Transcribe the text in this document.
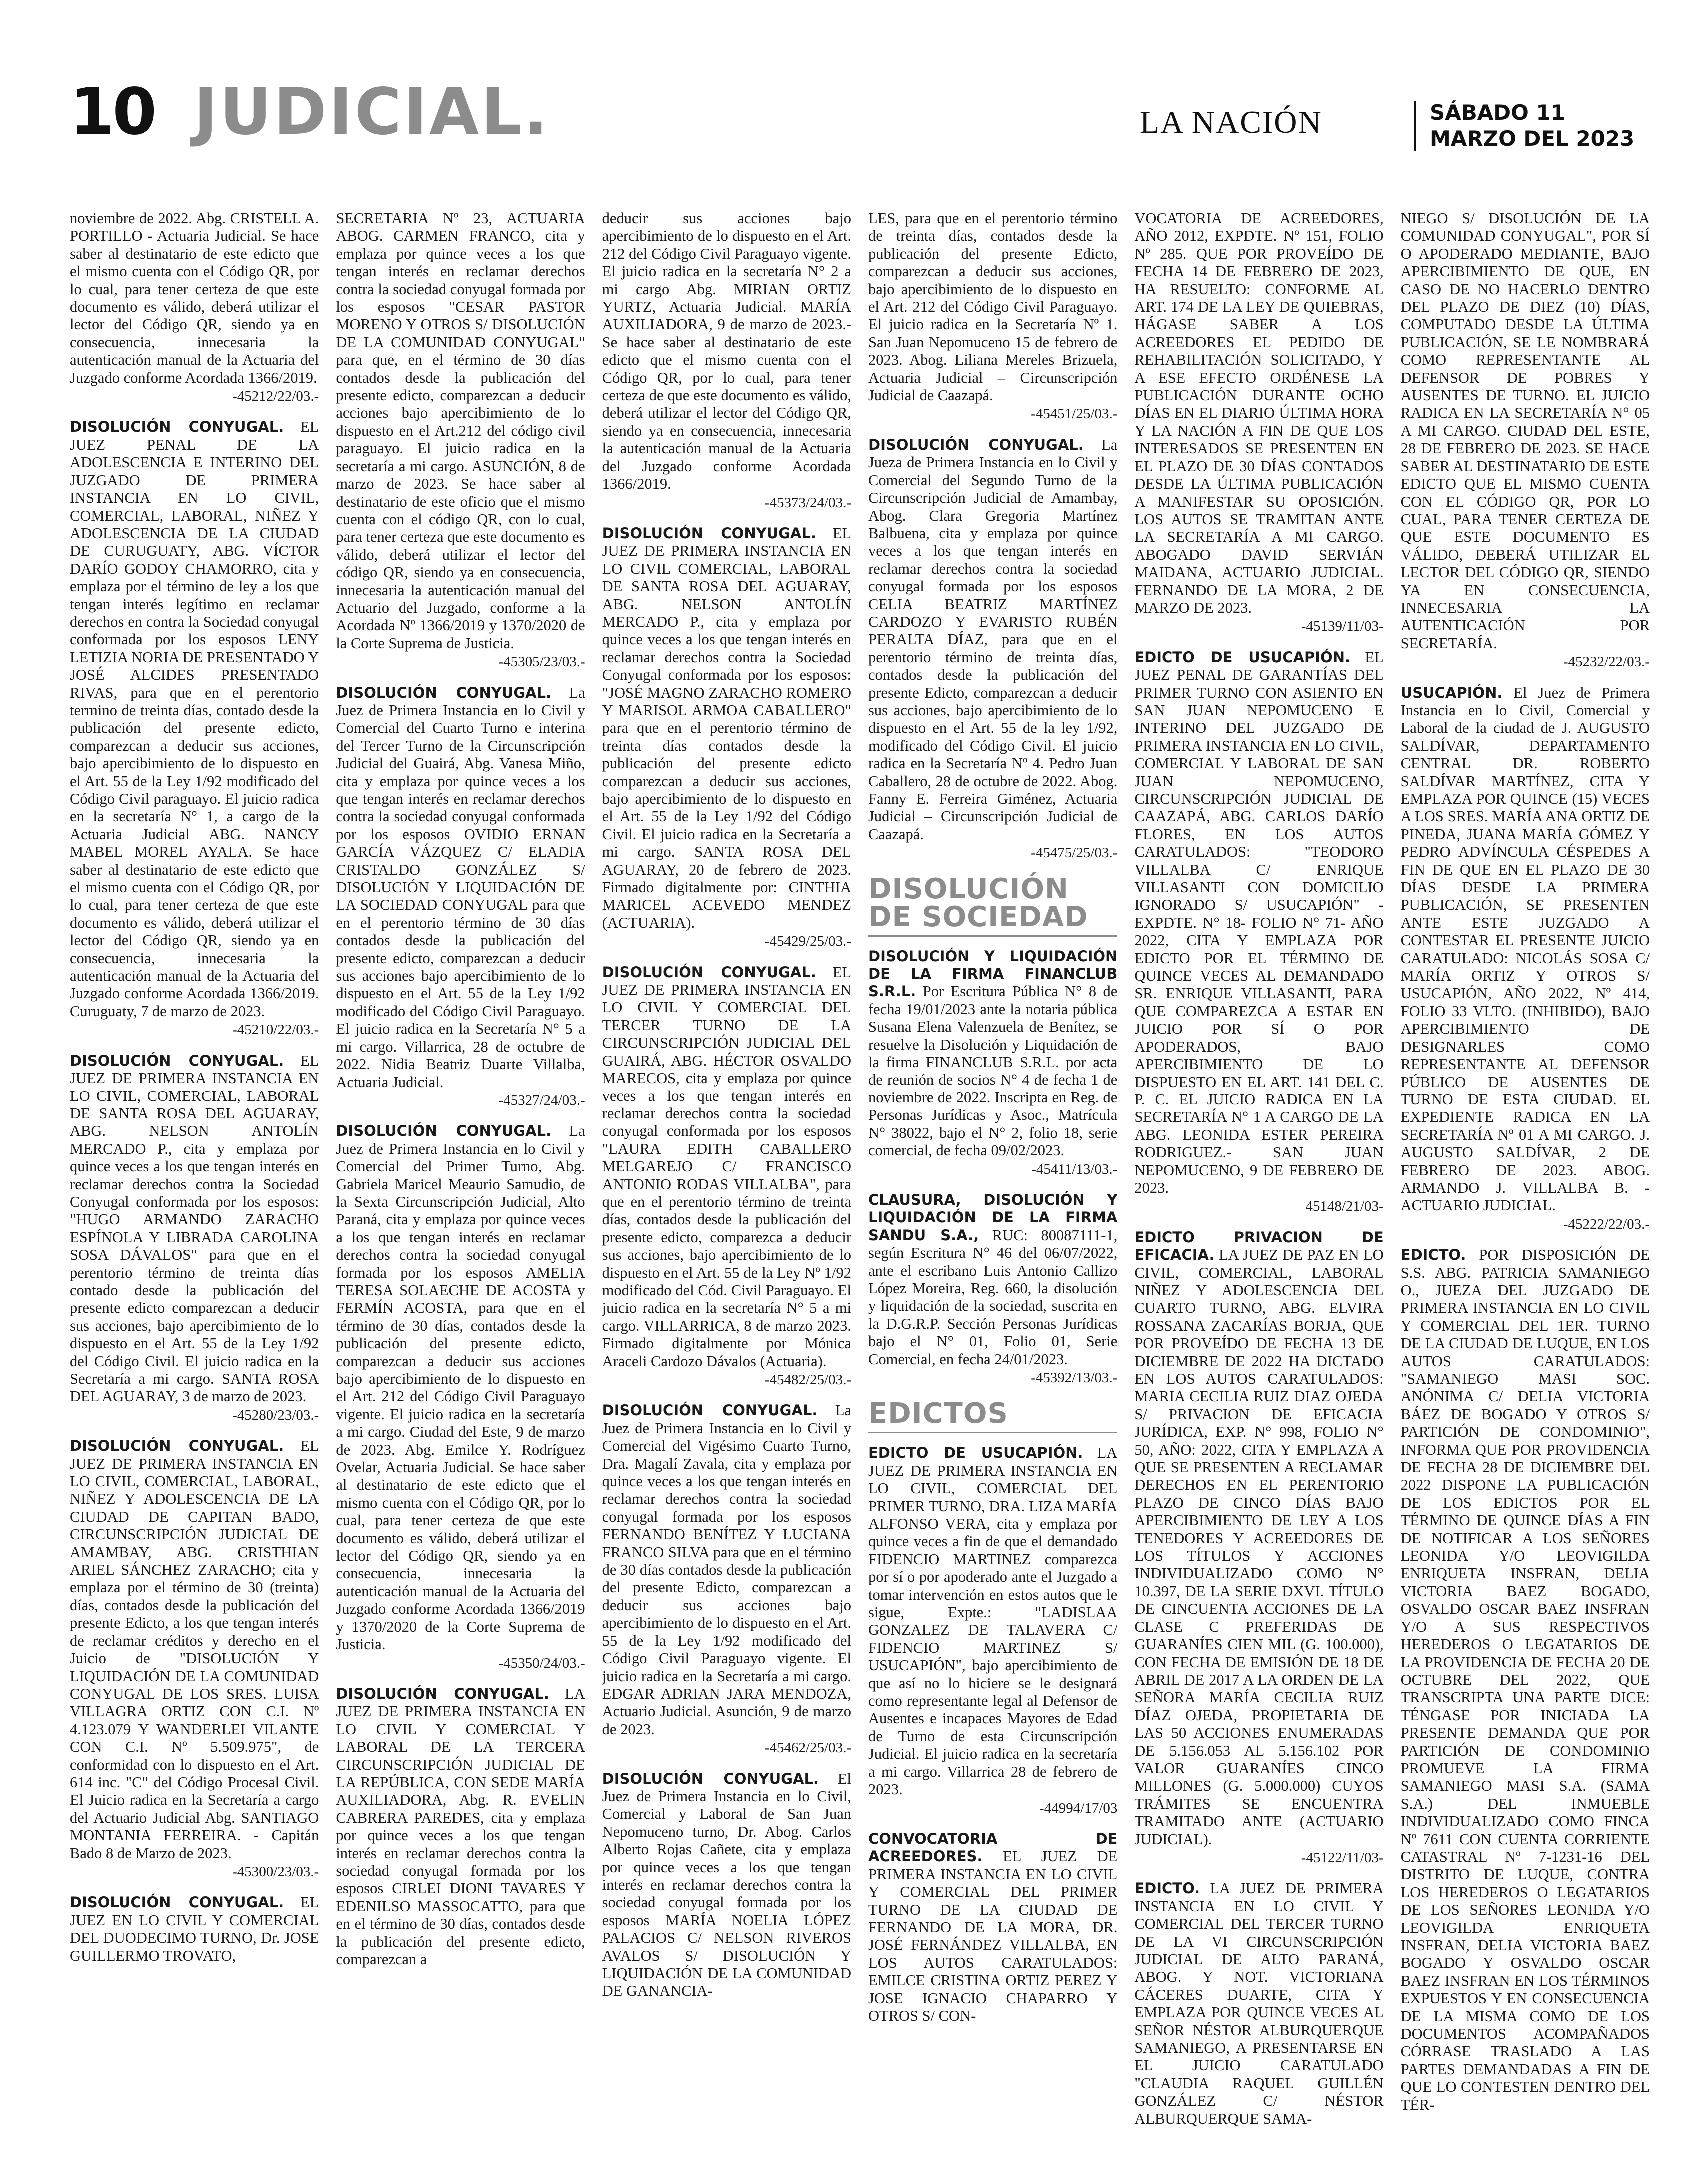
10 JUDICIAL.	LA NACIÓN	SÁBADO 11
MARZO DEL 2023
noviembre de 2022. Abg. CRISTELL A. PORTILLO - Actuaria Judicial. Se hace saber al destinatario de este edicto que el mismo cuenta con el Código QR, por lo cual, para tener certeza de que este documento es válido, deberá utilizar el lector del Código QR, siendo ya en consecuencia, innecesaria la autenticación manual de la Actuaria del Juzgado conforme Acordada 1366/2019.
-45212/22/03.-
DISOLUCIÓN CONYUGAL. EL JUEZ PENAL DE LA ADOLESCENCIA E INTERINO DEL JUZGADO DE PRIMERA INSTANCIA EN LO CIVIL, COMERCIAL, LABORAL, NIÑEZ Y ADOLESCENCIA DE LA CIUDAD DE CURUGUATY, ABG. VÍCTOR DARÍO GODOY CHAMORRO, cita y emplaza por el término de ley a los que tengan interés legítimo en reclamar derechos en contra la Sociedad conyugal conformada por los esposos LENY LETIZIA NORIA DE PRESENTADO Y JOSÉ ALCIDES PRESENTADO RIVAS, para que en el perentorio termino de treinta días, contado desde la publicación del presente edicto, comparezcan a deducir sus acciones, bajo apercibimiento de lo dispuesto en el Art. 55 de la Ley 1/92 modificado del Código Civil paraguayo. El juicio radica en la secretaría N° 1, a cargo de la Actuaria Judicial ABG. NANCY MABEL MOREL AYALA. Se hace saber al destinatario de este edicto que el mismo cuenta con el Código QR, por lo cual, para tener certeza de que este documento es válido, deberá utilizar el lector del Código QR, siendo ya en consecuencia, innecesaria la autenticación manual de la Actuaria del Juzgado conforme Acordada 1366/2019. Curuguaty, 7 de marzo de 2023.
-45210/22/03.-
DISOLUCIÓN CONYUGAL. EL JUEZ DE PRIMERA INSTANCIA EN LO CIVIL, COMERCIAL, LABORAL DE SANTA ROSA DEL AGUARAY, ABG. NELSON ANTOLÍN MERCADO P., cita y emplaza por quince veces a los que tengan interés en reclamar derechos contra la Sociedad Conyugal conformada por los esposos: "HUGO ARMANDO ZARACHO ESPÍNOLA Y LIBRADA CAROLINA SOSA DÁVALOS" para que en el perentorio término de treinta días contado desde la publicación del presente edicto comparezcan a deducir sus acciones, bajo apercibimiento de lo dispuesto en el Art. 55 de la Ley 1/92 del Código Civil. El juicio radica en la Secretaría a mi cargo. SANTA ROSA DEL AGUARAY, 3 de marzo de 2023.
-45280/23/03.-
DISOLUCIÓN CONYUGAL. EL JUEZ DE PRIMERA INSTANCIA EN LO CIVIL, COMERCIAL, LABORAL, NIÑEZ Y ADOLESCENCIA DE LA CIUDAD DE CAPITAN BADO, CIRCUNSCRIPCIÓN JUDICIAL DE AMAMBAY, ABG. CRISTHIAN ARIEL SÁNCHEZ ZARACHO; cita y emplaza por el término de 30 (treinta) días, contados desde la publicación del presente Edicto, a los que tengan interés de reclamar créditos y derecho en el Juicio de "DISOLUCIÓN Y LIQUIDACIÓN DE LA COMUNIDAD CONYUGAL DE LOS SRES. LUISA VILLAGRA ORTIZ CON C.I. Nº 4.123.079 Y WANDERLEI VILANTE CON C.I. Nº 5.509.975", de conformidad con lo dispuesto en el Art. 614 inc. "C" del Código Procesal Civil. El Juicio radica en la Secretaría a cargo del Actuario Judicial Abg. SANTIAGO MONTANIA FERREIRA. - Capitán Bado 8 de Marzo de 2023.
-45300/23/03.-
DISOLUCIÓN CONYUGAL. EL JUEZ EN LO CIVIL Y COMERCIAL DEL DUODECIMO TURNO, Dr. JOSE GUILLERMO TROVATO,
SECRETARIA Nº 23, ACTUARIA ABOG. CARMEN FRANCO, cita y emplaza por quince veces a los que tengan interés en reclamar derechos contra la sociedad conyugal formada por los esposos "CESAR PASTOR MORENO Y OTROS S/ DISOLUCIÓN DE LA COMUNIDAD CONYUGAL" para que, en el término de 30 días contados desde la publicación del presente edicto, comparezcan a deducir acciones bajo apercibimiento de lo dispuesto en el Art.212 del código civil paraguayo. El juicio radica en la secretaría a mi cargo. ASUNCIÓN, 8 de marzo de 2023. Se hace saber al destinatario de este oficio que el mismo cuenta con el código QR, con lo cual, para tener certeza que este documento es válido, deberá utilizar el lector del código QR, siendo ya en consecuencia, innecesaria la autenticación manual del Actuario del Juzgado, conforme a la Acordada Nº 1366/2019 y 1370/2020 de la Corte Suprema de Justicia.
-45305/23/03.-
DISOLUCIÓN CONYUGAL. La Juez de Primera Instancia en lo Civil y Comercial del Cuarto Turno e interina del Tercer Turno de la Circunscripción Judicial del Guairá, Abg. Vanesa Miño, cita y emplaza por quince veces a los que tengan interés en reclamar derechos contra la sociedad conyugal conformada por los esposos OVIDIO ERNAN GARCÍA VÁZQUEZ C/ ELADIA CRISTALDO GONZÁLEZ S/ DISOLUCIÓN Y LIQUIDACIÓN DE LA SOCIEDAD CONYUGAL para que en el perentorio término de 30 días contados desde la publicación del presente edicto, comparezcan a deducir sus acciones bajo apercibimiento de lo dispuesto en el Art. 55 de la Ley 1/92 modificado del Código Civil Paraguayo. El juicio radica en la Secretaría N° 5 a mi cargo. Villarrica, 28 de octubre de 2022. Nidia Beatriz Duarte Villalba, Actuaria Judicial.
-45327/24/03.-
DISOLUCIÓN CONYUGAL. La Juez de Primera Instancia en lo Civil y Comercial del Primer Turno, Abg. Gabriela Maricel Meaurio Samudio, de la Sexta Circunscripción Judicial, Alto Paraná, cita y emplaza por quince veces a los que tengan interés en reclamar derechos contra la sociedad conyugal formada por los esposos AMELIA TERESA SOLAECHE DE ACOSTA y FERMÍN ACOSTA, para que en el término de 30 días, contados desde la publicación del presente edicto, comparezcan a deducir sus acciones bajo apercibimiento de lo dispuesto en el Art. 212 del Código Civil Paraguayo vigente. El juicio radica en la secretaría a mi cargo. Ciudad del Este, 9 de marzo de 2023. Abg. Emilce Y. Rodríguez Ovelar, Actuaria Judicial. Se hace saber al destinatario de este edicto que el mismo cuenta con el Código QR, por lo cual, para tener certeza de que este documento es válido, deberá utilizar el lector del Código QR, siendo ya en consecuencia, innecesaria la autenticación manual de la Actuaria del Juzgado conforme Acordada 1366/2019 y 1370/2020 de la Corte Suprema de Justicia.
-45350/24/03.-
DISOLUCIÓN CONYUGAL. LA JUEZ DE PRIMERA INSTANCIA EN LO CIVIL Y COMERCIAL Y LABORAL DE LA TERCERA CIRCUNSCRIPCIÓN JUDICIAL DE LA REPÚBLICA, CON SEDE MARÍA AUXILIADORA, Abg. R. EVELIN CABRERA PAREDES, cita y emplaza por quince veces a los que tengan interés en reclamar derechos contra la sociedad conyugal formada por los esposos CIRLEI DIONI TAVARES Y EDENILSO MASSOCATTO, para que en el término de 30 días, contados desde la publicación del presente edicto, comparezcan a
deducir sus acciones bajo apercibimiento de lo dispuesto en el Art. 212 del Código Civil Paraguayo vigente. El juicio radica en la secretaría N° 2 a mi cargo Abg. MIRIAN ORTIZ YURTZ, Actuaria Judicial. MARÍA AUXILIADORA, 9 de marzo de 2023.- Se hace saber al destinatario de este edicto que el mismo cuenta con el Código QR, por lo cual, para tener certeza de que este documento es válido, deberá utilizar el lector del Código QR, siendo ya en consecuencia, innecesaria la autenticación manual de la Actuaria del Juzgado conforme Acordada 1366/2019.
-45373/24/03.-
DISOLUCIÓN CONYUGAL. EL JUEZ DE PRIMERA INSTANCIA EN LO CIVIL COMERCIAL, LABORAL DE SANTA ROSA DEL AGUARAY, ABG. NELSON ANTOLÍN MERCADO P., cita y emplaza por quince veces a los que tengan interés en reclamar derechos contra la Sociedad Conyugal conformada por los esposos: "JOSÉ MAGNO ZARACHO ROMERO Y MARISOL ARMOA CABALLERO" para que en el perentorio término de treinta días contados desde la publicación del presente edicto comparezcan a deducir sus acciones, bajo apercibimiento de lo dispuesto en el Art. 55 de la Ley 1/92 del Código Civil. El juicio radica en la Secretaría a mi cargo. SANTA ROSA DEL AGUARAY, 20 de febrero de 2023. Firmado digitalmente por: CINTHIA MARICEL ACEVEDO MENDEZ (ACTUARIA).
-45429/25/03.-
DISOLUCIÓN CONYUGAL. EL JUEZ DE PRIMERA INSTANCIA EN LO CIVIL Y COMERCIAL DEL TERCER TURNO DE LA CIRCUNSCRIPCIÓN JUDICIAL DEL GUAIRÁ, ABG. HÉCTOR OSVALDO MARECOS, cita y emplaza por quince veces a los que tengan interés en reclamar derechos contra la sociedad conyugal conformada por los esposos "LAURA EDITH CABALLERO MELGAREJO C/ FRANCISCO ANTONIO RODAS VILLALBA", para que en el perentorio término de treinta días, contados desde la publicación del presente edicto, comparezca a deducir sus acciones, bajo apercibimiento de lo dispuesto en el Art. 55 de la Ley Nº 1/92 modificado del Cód. Civil Paraguayo. El juicio radica en la secretaría N° 5 a mi cargo. VILLARRICA, 8 de marzo 2023. Firmado digitalmente por Mónica Araceli Cardozo Dávalos (Actuaria).
-45482/25/03.-
DISOLUCIÓN CONYUGAL. La Juez de Primera Instancia en lo Civil y Comercial del Vigésimo Cuarto Turno, Dra. Magalí Zavala, cita y emplaza por quince veces a los que tengan interés en reclamar derechos contra la sociedad conyugal formada por los esposos FERNANDO BENÍTEZ Y LUCIANA FRANCO SILVA para que en el término de 30 días contados desde la publicación del presente Edicto, comparezcan a deducir sus acciones bajo apercibimiento de lo dispuesto en el Art. 55 de la Ley 1/92 modificado del Código Civil Paraguayo vigente. El juicio radica en la Secretaría a mi cargo. EDGAR ADRIAN JARA MENDOZA, Actuario Judicial. Asunción, 9 de marzo de 2023.
-45462/25/03.-
DISOLUCIÓN CONYUGAL. El Juez de Primera Instancia en lo Civil, Comercial y Laboral de San Juan Nepomuceno turno, Dr. Abog. Carlos Alberto Rojas Cañete, cita y emplaza por quince veces a los que tengan interés en reclamar derechos contra la sociedad conyugal formada por los esposos MARÍA NOELIA LÓPEZ PALACIOS C/ NELSON RIVEROS AVALOS S/ DISOLUCIÓN Y LIQUIDACIÓN DE LA COMUNIDAD DE GANANCIA-
LES, para que en el perentorio término de treinta días, contados desde la publicación del presente Edicto, comparezcan a deducir sus acciones, bajo apercibimiento de lo dispuesto en el Art. 212 del Código Civil Paraguayo. El juicio radica en la Secretaría Nº 1. San Juan Nepomuceno 15 de febrero de 2023. Abog. Liliana Mereles Brizuela, Actuaria Judicial – Circunscripción Judicial de Caazapá.
-45451/25/03.-
DISOLUCIÓN CONYUGAL. La Jueza de Primera Instancia en lo Civil y Comercial del Segundo Turno de la Circunscripción Judicial de Amambay, Abog. Clara Gregoria Martínez Balbuena, cita y emplaza por quince veces a los que tengan interés en reclamar derechos contra la sociedad conyugal formada por los esposos CELIA BEATRIZ MARTÍNEZ CARDOZO Y EVARISTO RUBÉN PERALTA DÍAZ, para que en el perentorio término de treinta días, contados desde la publicación del presente Edicto, comparezcan a deducir sus acciones, bajo apercibimiento de lo dispuesto en el Art. 55 de la ley 1/92, modificado del Código Civil. El juicio radica en la Secretaría Nº 4. Pedro Juan Caballero, 28 de octubre de 2022. Abog. Fanny E. Ferreira Giménez, Actuaria Judicial – Circunscripción Judicial de Caazapá.
-45475/25/03.-
DISOLUCIÓN DE SOCIEDAD
DISOLUCIÓN Y LIQUIDACIÓN DE LA FIRMA FINANCLUB S.R.L. Por Escritura Pública N° 8 de fecha 19/01/2023 ante la notaria pública Susana Elena Valenzuela de Benítez, se resuelve la Disolución y Liquidación de la firma FINANCLUB S.R.L. por acta de reunión de socios N° 4 de fecha 1 de noviembre de 2022. Inscripta en Reg. de Personas Jurídicas y Asoc., Matrícula N° 38022, bajo el N° 2, folio 18, serie comercial, de fecha 09/02/2023.
-45411/13/03.-
CLAUSURA, DISOLUCIÓN Y LIQUIDACIÓN DE LA FIRMA SANDU S.A., RUC: 80087111-1, según Escritura N° 46 del 06/07/2022, ante el escribano Luis Antonio Callizo López Moreira, Reg. 660, la disolución y liquidación de la sociedad, suscrita en la D.G.R.P. Sección Personas Jurídicas bajo el N° 01, Folio 01, Serie Comercial, en fecha 24/01/2023.
-45392/13/03.-
EDICTOS
EDICTO DE USUCAPIÓN. LA JUEZ DE PRIMERA INSTANCIA EN LO CIVIL, COMERCIAL DEL PRIMER TURNO, DRA. LIZA MARÍA ALFONSO VERA, cita y emplaza por quince veces a fin de que el demandado FIDENCIO MARTINEZ comparezca por sí o por apoderado ante el Juzgado a tomar intervención en estos autos que le sigue, Expte.: "LADISLAA GONZALEZ DE TALAVERA C/ FIDENCIO MARTINEZ S/ USUCAPIÓN", bajo apercibimiento de que así no lo hiciere se le designará como representante legal al Defensor de Ausentes e incapaces Mayores de Edad de Turno de esta Circunscripción Judicial. El juicio radica en la secretaría a mi cargo. Villarrica 28 de febrero de 2023.
-44994/17/03
CONVOCATORIA DE ACREEDORES. EL JUEZ DE PRIMERA INSTANCIA EN LO CIVIL Y COMERCIAL DEL PRIMER TURNO DE LA CIUDAD DE FERNANDO DE LA MORA, DR. JOSÉ FERNÁNDEZ VILLALBA, EN LOS AUTOS CARATULADOS: EMILCE CRISTINA ORTIZ PEREZ Y JOSE IGNACIO CHAPARRO Y OTROS S/ CON-
VOCATORIA DE ACREEDORES, AÑO 2012, EXPDTE. Nº 151, FOLIO Nº 285. QUE POR PROVEÍDO DE FECHA 14 DE FEBRERO DE 2023, HA RESUELTO: CONFORME AL ART. 174 DE LA LEY DE QUIEBRAS, HÁGASE SABER A LOS ACREEDORES EL PEDIDO DE REHABILITACIÓN SOLICITADO, Y A ESE EFECTO ORDÉNESE LA PUBLICACIÓN DURANTE OCHO DÍAS EN EL DIARIO ÚLTIMA HORA Y LA NACIÓN A FIN DE QUE LOS INTERESADOS SE PRESENTEN EN EL PLAZO DE 30 DÍAS CONTADOS DESDE LA ÚLTIMA PUBLICACIÓN A MANIFESTAR SU OPOSICIÓN. LOS AUTOS SE TRAMITAN ANTE LA SECRETARÍA A MI CARGO. ABOGADO DAVID SERVIÁN MAIDANA, ACTUARIO JUDICIAL. FERNANDO DE LA MORA, 2 DE MARZO DE 2023.
-45139/11/03-
EDICTO DE USUCAPIÓN. EL JUEZ PENAL DE GARANTÍAS DEL PRIMER TURNO CON ASIENTO EN SAN JUAN NEPOMUCENO E INTERINO DEL JUZGADO DE PRIMERA INSTANCIA EN LO CIVIL, COMERCIAL Y LABORAL DE SAN JUAN NEPOMUCENO, CIRCUNSCRIPCIÓN JUDICIAL DE CAAZAPÁ, ABG. CARLOS DARÍO FLORES, EN LOS AUTOS CARATULADOS: "TEODORO VILLALBA C/ ENRIQUE VILLASANTI CON DOMICILIO IGNORADO S/ USUCAPIÓN" - EXPDTE. N° 18- FOLIO N° 71- AÑO 2022, CITA Y EMPLAZA POR EDICTO POR EL TÉRMINO DE QUINCE VECES AL DEMANDADO SR. ENRIQUE VILLASANTI, PARA QUE COMPAREZCA A ESTAR EN JUICIO POR SÍ O POR APODERADOS, BAJO APERCIBIMIENTO DE LO DISPUESTO EN EL ART. 141 DEL C. P. C. EL JUICIO RADICA EN LA SECRETARÍA N° 1 A CARGO DE LA ABG. LEONIDA ESTER PEREIRA RODRIGUEZ.- SAN JUAN NEPOMUCENO, 9 DE FEBRERO DE 2023.
45148/21/03-
EDICTO PRIVACION DE EFICACIA. LA JUEZ DE PAZ EN LO CIVIL, COMERCIAL, LABORAL NIÑEZ Y ADOLESCENCIA DEL CUARTO TURNO, ABG. ELVIRA ROSSANA ZACARÍAS BORJA, QUE POR PROVEÍDO DE FECHA 13 DE DICIEMBRE DE 2022 HA DICTADO EN LOS AUTOS CARATULADOS: MARIA CECILIA RUIZ DIAZ OJEDA S/ PRIVACION DE EFICACIA JURÍDICA, EXP. N° 998, FOLIO N° 50, AÑO: 2022, CITA Y EMPLAZA A QUE SE PRESENTEN A RECLAMAR DERECHOS EN EL PERENTORIO PLAZO DE CINCO DÍAS BAJO APERCIBIMIENTO DE LEY A LOS TENEDORES Y ACREEDORES DE LOS TÍTULOS Y ACCIONES INDIVIDUALIZADO COMO N° 10.397, DE LA SERIE DXVI. TÍTULO DE CINCUENTA ACCIONES DE LA CLASE C PREFERIDAS DE GUARANÍES CIEN MIL (G. 100.000), CON FECHA DE EMISIÓN DE 18 DE ABRIL DE 2017 A LA ORDEN DE LA SEÑORA MARÍA CECILIA RUIZ DÍAZ OJEDA, PROPIETARIA DE LAS 50 ACCIONES ENUMERADAS DE 5.156.053 AL 5.156.102 POR VALOR GUARANÍES CINCO MILLONES (G. 5.000.000) CUYOS TRÁMITES SE ENCUENTRA TRAMITADO ANTE (ACTUARIO JUDICIAL).
-45122/11/03-
EDICTO. LA JUEZ DE PRIMERA INSTANCIA EN LO CIVIL Y COMERCIAL DEL TERCER TURNO DE LA VI CIRCUNSCRIPCIÓN JUDICIAL DE ALTO PARANÁ, ABOG. Y NOT. VICTORIANA CÁCERES DUARTE, CITA Y EMPLAZA POR QUINCE VECES AL SEÑOR NÉSTOR ALBURQUERQUE SAMANIEGO, A PRESENTARSE EN EL JUICIO CARATULADO "CLAUDIA RAQUEL GUILLÉN GONZÁLEZ C/ NÉSTOR ALBURQUERQUE SAMA-
NIEGO S/ DISOLUCIÓN DE LA COMUNIDAD CONYUGAL", POR SÍ O APODERADO MEDIANTE, BAJO APERCIBIMIENTO DE QUE, EN CASO DE NO HACERLO DENTRO DEL PLAZO DE DIEZ (10) DÍAS, COMPUTADO DESDE LA ÚLTIMA PUBLICACIÓN, SE LE NOMBRARÁ COMO REPRESENTANTE AL DEFENSOR DE POBRES Y AUSENTES DE TURNO. EL JUICIO RADICA EN LA SECRETARÍA N° 05 A MI CARGO. CIUDAD DEL ESTE, 28 DE FEBRERO DE 2023. SE HACE SABER AL DESTINATARIO DE ESTE EDICTO QUE EL MISMO CUENTA CON EL CÓDIGO QR, POR LO CUAL, PARA TENER CERTEZA DE QUE ESTE DOCUMENTO ES VÁLIDO, DEBERÁ UTILIZAR EL LECTOR DEL CÓDIGO QR, SIENDO YA EN CONSECUENCIA, INNECESARIA LA AUTENTICACIÓN POR SECRETARÍA.
-45232/22/03.-
USUCAPIÓN. El Juez de Primera Instancia en lo Civil, Comercial y Laboral de la ciudad de J. AUGUSTO SALDÍVAR, DEPARTAMENTO CENTRAL DR. ROBERTO SALDÍVAR MARTÍNEZ, CITA Y EMPLAZA POR QUINCE (15) VECES A LOS SRES. MARÍA ANA ORTIZ DE PINEDA, JUANA MARÍA GÓMEZ Y PEDRO ADVÍNCULA CÉSPEDES A FIN DE QUE EN EL PLAZO DE 30 DÍAS DESDE LA PRIMERA PUBLICACIÓN, SE PRESENTEN ANTE ESTE JUZGADO A CONTESTAR EL PRESENTE JUICIO CARATULADO: NICOLÁS SOSA C/ MARÍA ORTIZ Y OTROS S/ USUCAPIÓN, AÑO 2022, Nº 414, FOLIO 33 VLTO. (INHIBIDO), BAJO APERCIBIMIENTO DE DESIGNARLES COMO REPRESENTANTE AL DEFENSOR PÚBLICO DE AUSENTES DE TURNO DE ESTA CIUDAD. EL EXPEDIENTE RADICA EN LA SECRETARÍA Nº 01 A MI CARGO. J. AUGUSTO SALDÍVAR, 2 DE FEBRERO DE 2023. ABOG. ARMANDO J. VILLALBA B. - ACTUARIO JUDICIAL.
-45222/22/03.-
EDICTO. POR DISPOSICIÓN DE S.S. ABG. PATRICIA SAMANIEGO O., JUEZA DEL JUZGADO DE PRIMERA INSTANCIA EN LO CIVIL Y COMERCIAL DEL 1ER. TURNO DE LA CIUDAD DE LUQUE, EN LOS AUTOS CARATULADOS: "SAMANIEGO MASI SOC. ANÓNIMA C/ DELIA VICTORIA BÁEZ DE BOGADO Y OTROS S/ PARTICIÓN DE CONDOMINIO", INFORMA QUE POR PROVIDENCIA DE FECHA 28 DE DICIEMBRE DEL 2022 DISPONE LA PUBLICACIÓN DE LOS EDICTOS POR EL TÉRMINO DE QUINCE DÍAS A FIN DE NOTIFICAR A LOS SEÑORES LEONIDA Y/O LEOVIGILDA ENRIQUETA INSFRAN, DELIA VICTORIA BAEZ BOGADO, OSVALDO OSCAR BAEZ INSFRAN Y/O A SUS RESPECTIVOS HEREDEROS O LEGATARIOS DE LA PROVIDENCIA DE FECHA 20 DE OCTUBRE DEL 2022, QUE TRANSCRIPTA UNA PARTE DICE: TÉNGASE POR INICIADA LA PRESENTE DEMANDA QUE POR PARTICIÓN DE CONDOMINIO PROMUEVE LA FIRMA SAMANIEGO MASI S.A. (SAMA S.A.) DEL INMUEBLE INDIVIDUALIZADO COMO FINCA Nº 7611 CON CUENTA CORRIENTE CATASTRAL Nº 7-1231-16 DEL DISTRITO DE LUQUE, CONTRA LOS HEREDEROS O LEGATARIOS DE LOS SEÑORES LEONIDA Y/O LEOVIGILDA ENRIQUETA INSFRAN, DELIA VICTORIA BAEZ BOGADO Y OSVALDO OSCAR BAEZ INSFRAN EN LOS TÉRMINOS EXPUESTOS Y EN CONSECUENCIA DE LA MISMA COMO DE LOS DOCUMENTOS ACOMPAÑADOS CÓRRASE TRASLADO A LAS PARTES DEMANDADAS A FIN DE QUE LO CONTESTEN DENTRO DEL TÉR-
